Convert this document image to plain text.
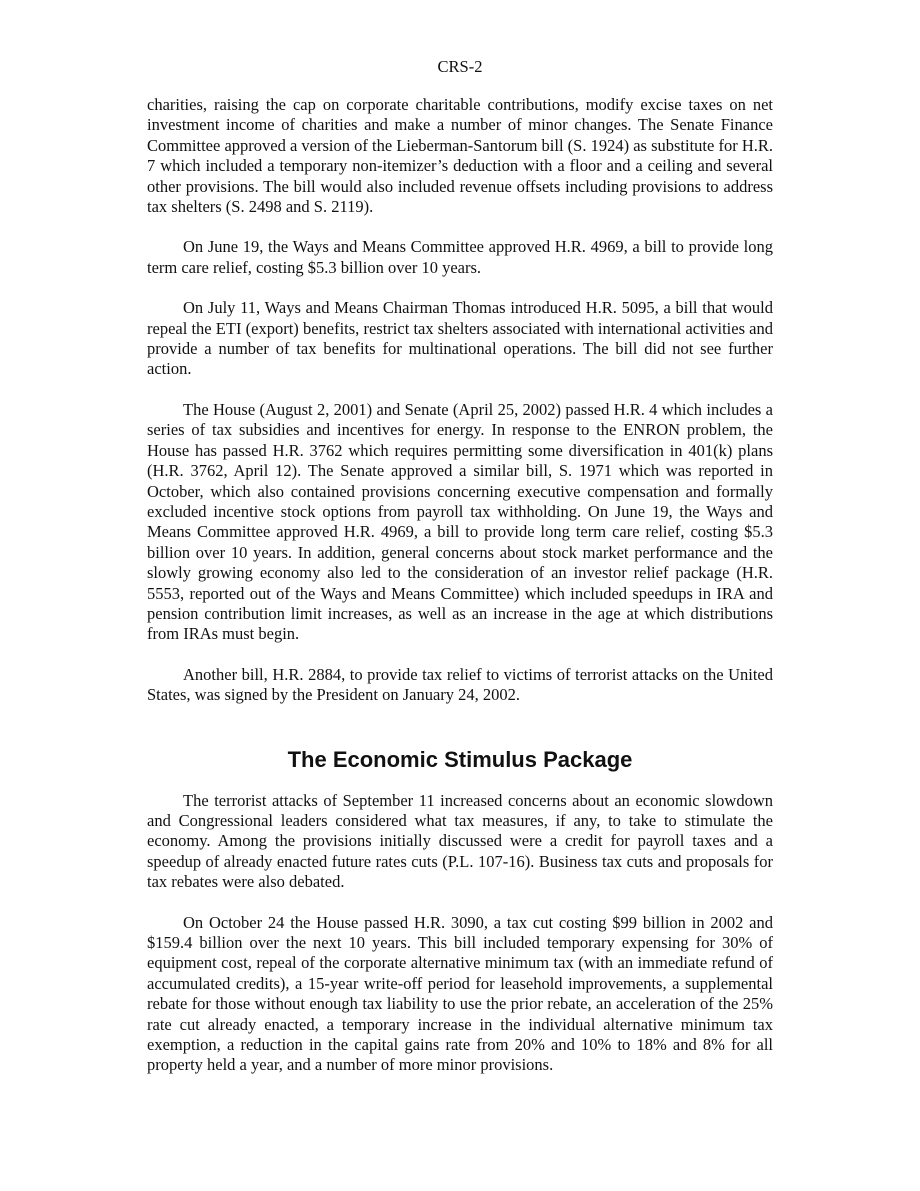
CRS-2

charities, raising the cap on corporate charitable contributions, modify excise taxes on net investment income of charities and make a number of minor changes. The Senate Finance Committee approved a version of the Lieberman-Santorum bill (S. 1924) as substitute for H.R. 7 which included a temporary non-itemizer’s deduction with a floor and a ceiling and several other provisions. The bill would also included revenue offsets including provisions to address tax shelters (S. 2498 and S. 2119).

On June 19, the Ways and Means Committee approved H.R. 4969, a bill to provide long term care relief, costing $5.3 billion over 10 years.

On July 11, Ways and Means Chairman Thomas introduced H.R. 5095, a bill that would repeal the ETI (export) benefits, restrict tax shelters associated with international activities and provide a number of tax benefits for multinational operations. The bill did not see further action.

The House (August 2, 2001) and Senate (April 25, 2002) passed H.R. 4 which includes a series of tax subsidies and incentives for energy. In response to the ENRON problem, the House has passed H.R. 3762 which requires permitting some diversification in 401(k) plans (H.R. 3762, April 12). The Senate approved a similar bill, S. 1971 which was reported in October, which also contained provisions concerning executive compensation and formally excluded incentive stock options from payroll tax withholding. On June 19, the Ways and Means Committee approved H.R. 4969, a bill to provide long term care relief, costing $5.3 billion over 10 years. In addition, general concerns about stock market performance and the slowly growing economy also led to the consideration of an investor relief package (H.R. 5553, reported out of the Ways and Means Committee) which included speedups in IRA and pension contribution limit increases, as well as an increase in the age at which distributions from IRAs must begin.

Another bill, H.R. 2884, to provide tax relief to victims of terrorist attacks on the United States, was signed by the President on January 24, 2002.

The Economic Stimulus Package

The terrorist attacks of September 11 increased concerns about an economic slowdown and Congressional leaders considered what tax measures, if any, to take to stimulate the economy. Among the provisions initially discussed were a credit for payroll taxes and a speedup of already enacted future rates cuts (P.L. 107-16). Business tax cuts and proposals for tax rebates were also debated.

On October 24 the House passed H.R. 3090, a tax cut costing $99 billion in 2002 and $159.4 billion over the next 10 years. This bill included temporary expensing for 30% of equipment cost, repeal of the corporate alternative minimum tax (with an immediate refund of accumulated credits), a 15-year write-off period for leasehold improvements, a supplemental rebate for those without enough tax liability to use the prior rebate, an acceleration of the 25% rate cut already enacted, a temporary increase in the individual alternative minimum tax exemption, a reduction in the capital gains rate from 20% and 10% to 18% and 8% for all property held a year, and a number of more minor provisions.
